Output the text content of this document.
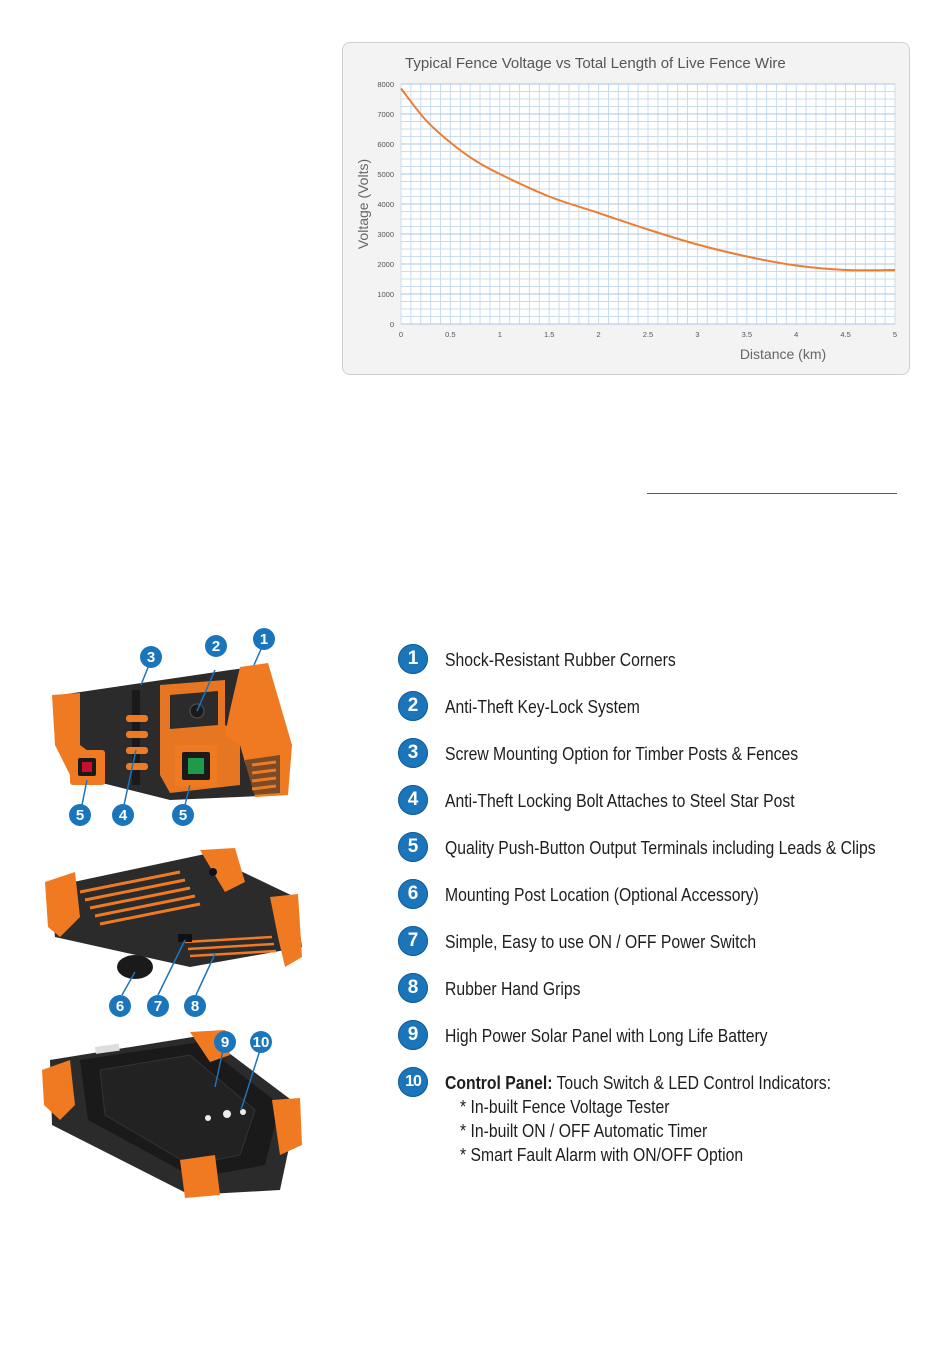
Typical Fence Voltage vs Total Length of Live Fence Wire
0	0.5	1	1.5	2	2.5	3	3.5	4	4.5	5
0
1000
2000
3000
4000
5000
6000
7000
8000
Distance (km)
Voltage (Volts)
3
2	1
5 4	5
6 7 8
9 10
1	Shock-Resistant Rubber Corners
2	Anti-Theft Key-Lock System
3	Screw Mounting Option for Timber Posts & Fences
4	Anti-Theft Locking Bolt Attaches to Steel Star Post
5	Quality Push-Button Output Terminals including Leads & Clips
6	Mounting Post Location (Optional Accessory)
7	Simple, Easy to use ON / OFF Power Switch
8	Rubber Hand Grips
9	High Power Solar Panel with Long Life Battery
10	Control Panel: Touch Switch & LED Control Indicators:
* In-built Fence Voltage Tester
* In-built ON / OFF Automatic Timer
* Smart Fault Alarm with ON/OFF Option
